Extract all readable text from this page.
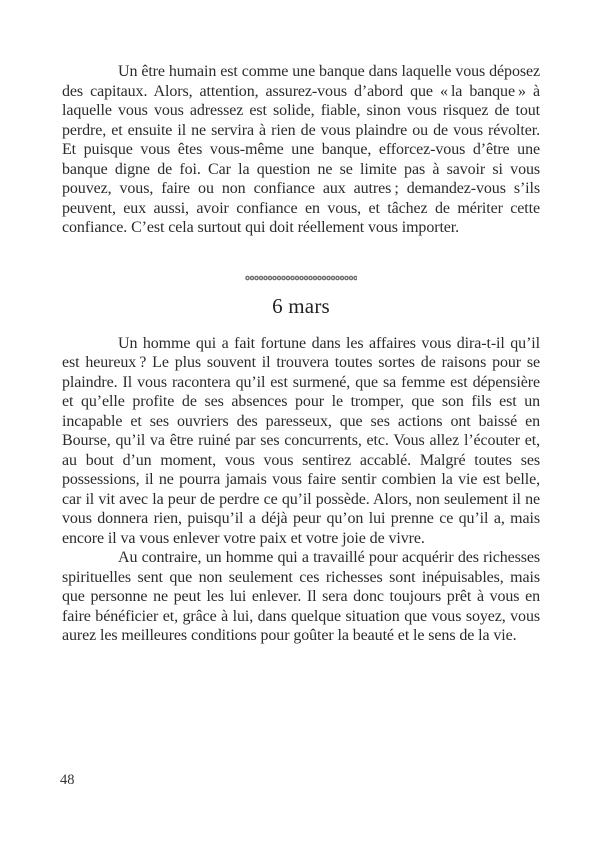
Un être humain est comme une banque dans laquelle vous déposez des capitaux. Alors, attention, assurez-vous d’abord que « la banque » à laquelle vous vous adressez est solide, fiable, sinon vous risquez de tout perdre, et ensuite il ne servira à rien de vous plaindre ou de vous révolter. Et puisque vous êtes vous-même une banque, efforcez-vous d’être une banque digne de foi. Car la question ne se limite pas à savoir si vous pouvez, vous, faire ou non confiance aux autres ; demandez-vous s’ils peuvent, eux aussi, avoir confiance en vous, et tâchez de mériter cette confiance. C’est cela surtout qui doit réellement vous importer.

6 mars

Un homme qui a fait fortune dans les affaires vous dira-t-il qu’il est heureux ? Le plus souvent il trouvera toutes sortes de raisons pour se plaindre. Il vous racontera qu’il est surmené, que sa femme est dépensière et qu’elle profite de ses absences pour le tromper, que son fils est un incapable et ses ouvriers des paresseux, que ses actions ont baissé en Bourse, qu’il va être ruiné par ses concurrents, etc. Vous allez l’écouter et, au bout d’un moment, vous vous sentirez accablé. Malgré toutes ses possessions, il ne pourra jamais vous faire sentir combien la vie est belle, car il vit avec la peur de perdre ce qu’il possède. Alors, non seulement il ne vous donnera rien, puisqu’il a déjà peur qu’on lui prenne ce qu’il a, mais encore il va vous enlever votre paix et votre joie de vivre.

Au contraire, un homme qui a travaillé pour acquérir des richesses spirituelles sent que non seulement ces richesses sont inépuisables, mais que personne ne peut les lui enlever. Il sera donc toujours prêt à vous en faire bénéficier et, grâce à lui, dans quelque situation que vous soyez, vous aurez les meilleures conditions pour goûter la beauté et le sens de la vie.

48
